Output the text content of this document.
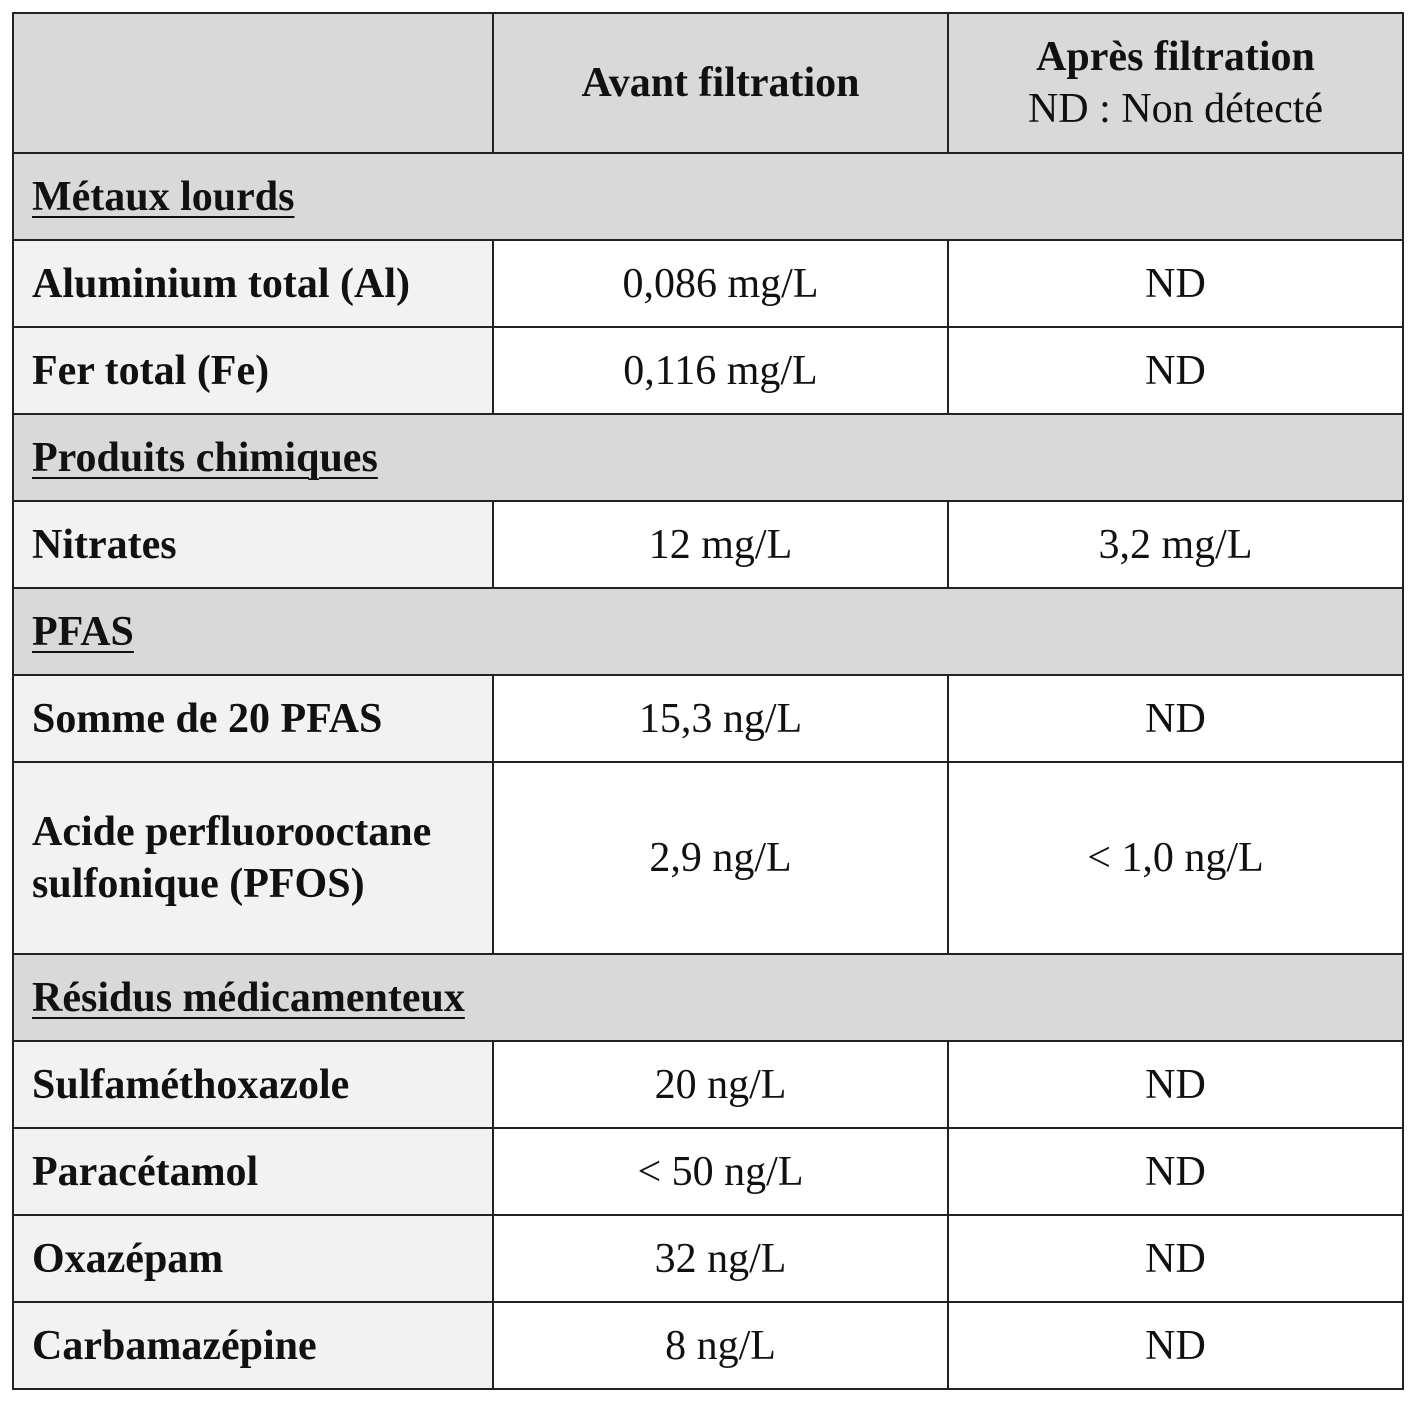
	Avant filtration	Après filtration
ND : Non détecté

Métaux lourds		
Aluminium total (Al)	0,086 mg/L	ND
Fer total (Fe)	0,116 mg/L	ND
Produits chimiques		
Nitrates	12 mg/L	3,2 mg/L
PFAS		
Somme de 20 PFAS	15,3 ng/L	ND
Acide perfluorooctane sulfonique (PFOS)	2,9 ng/L	< 1,0 ng/L
Résidus médicamenteux		
Sulfaméthoxazole	20 ng/L	ND
Paracétamol	< 50 ng/L	ND
Oxazépam	32 ng/L	ND
Carbamazépine	8 ng/L	ND
